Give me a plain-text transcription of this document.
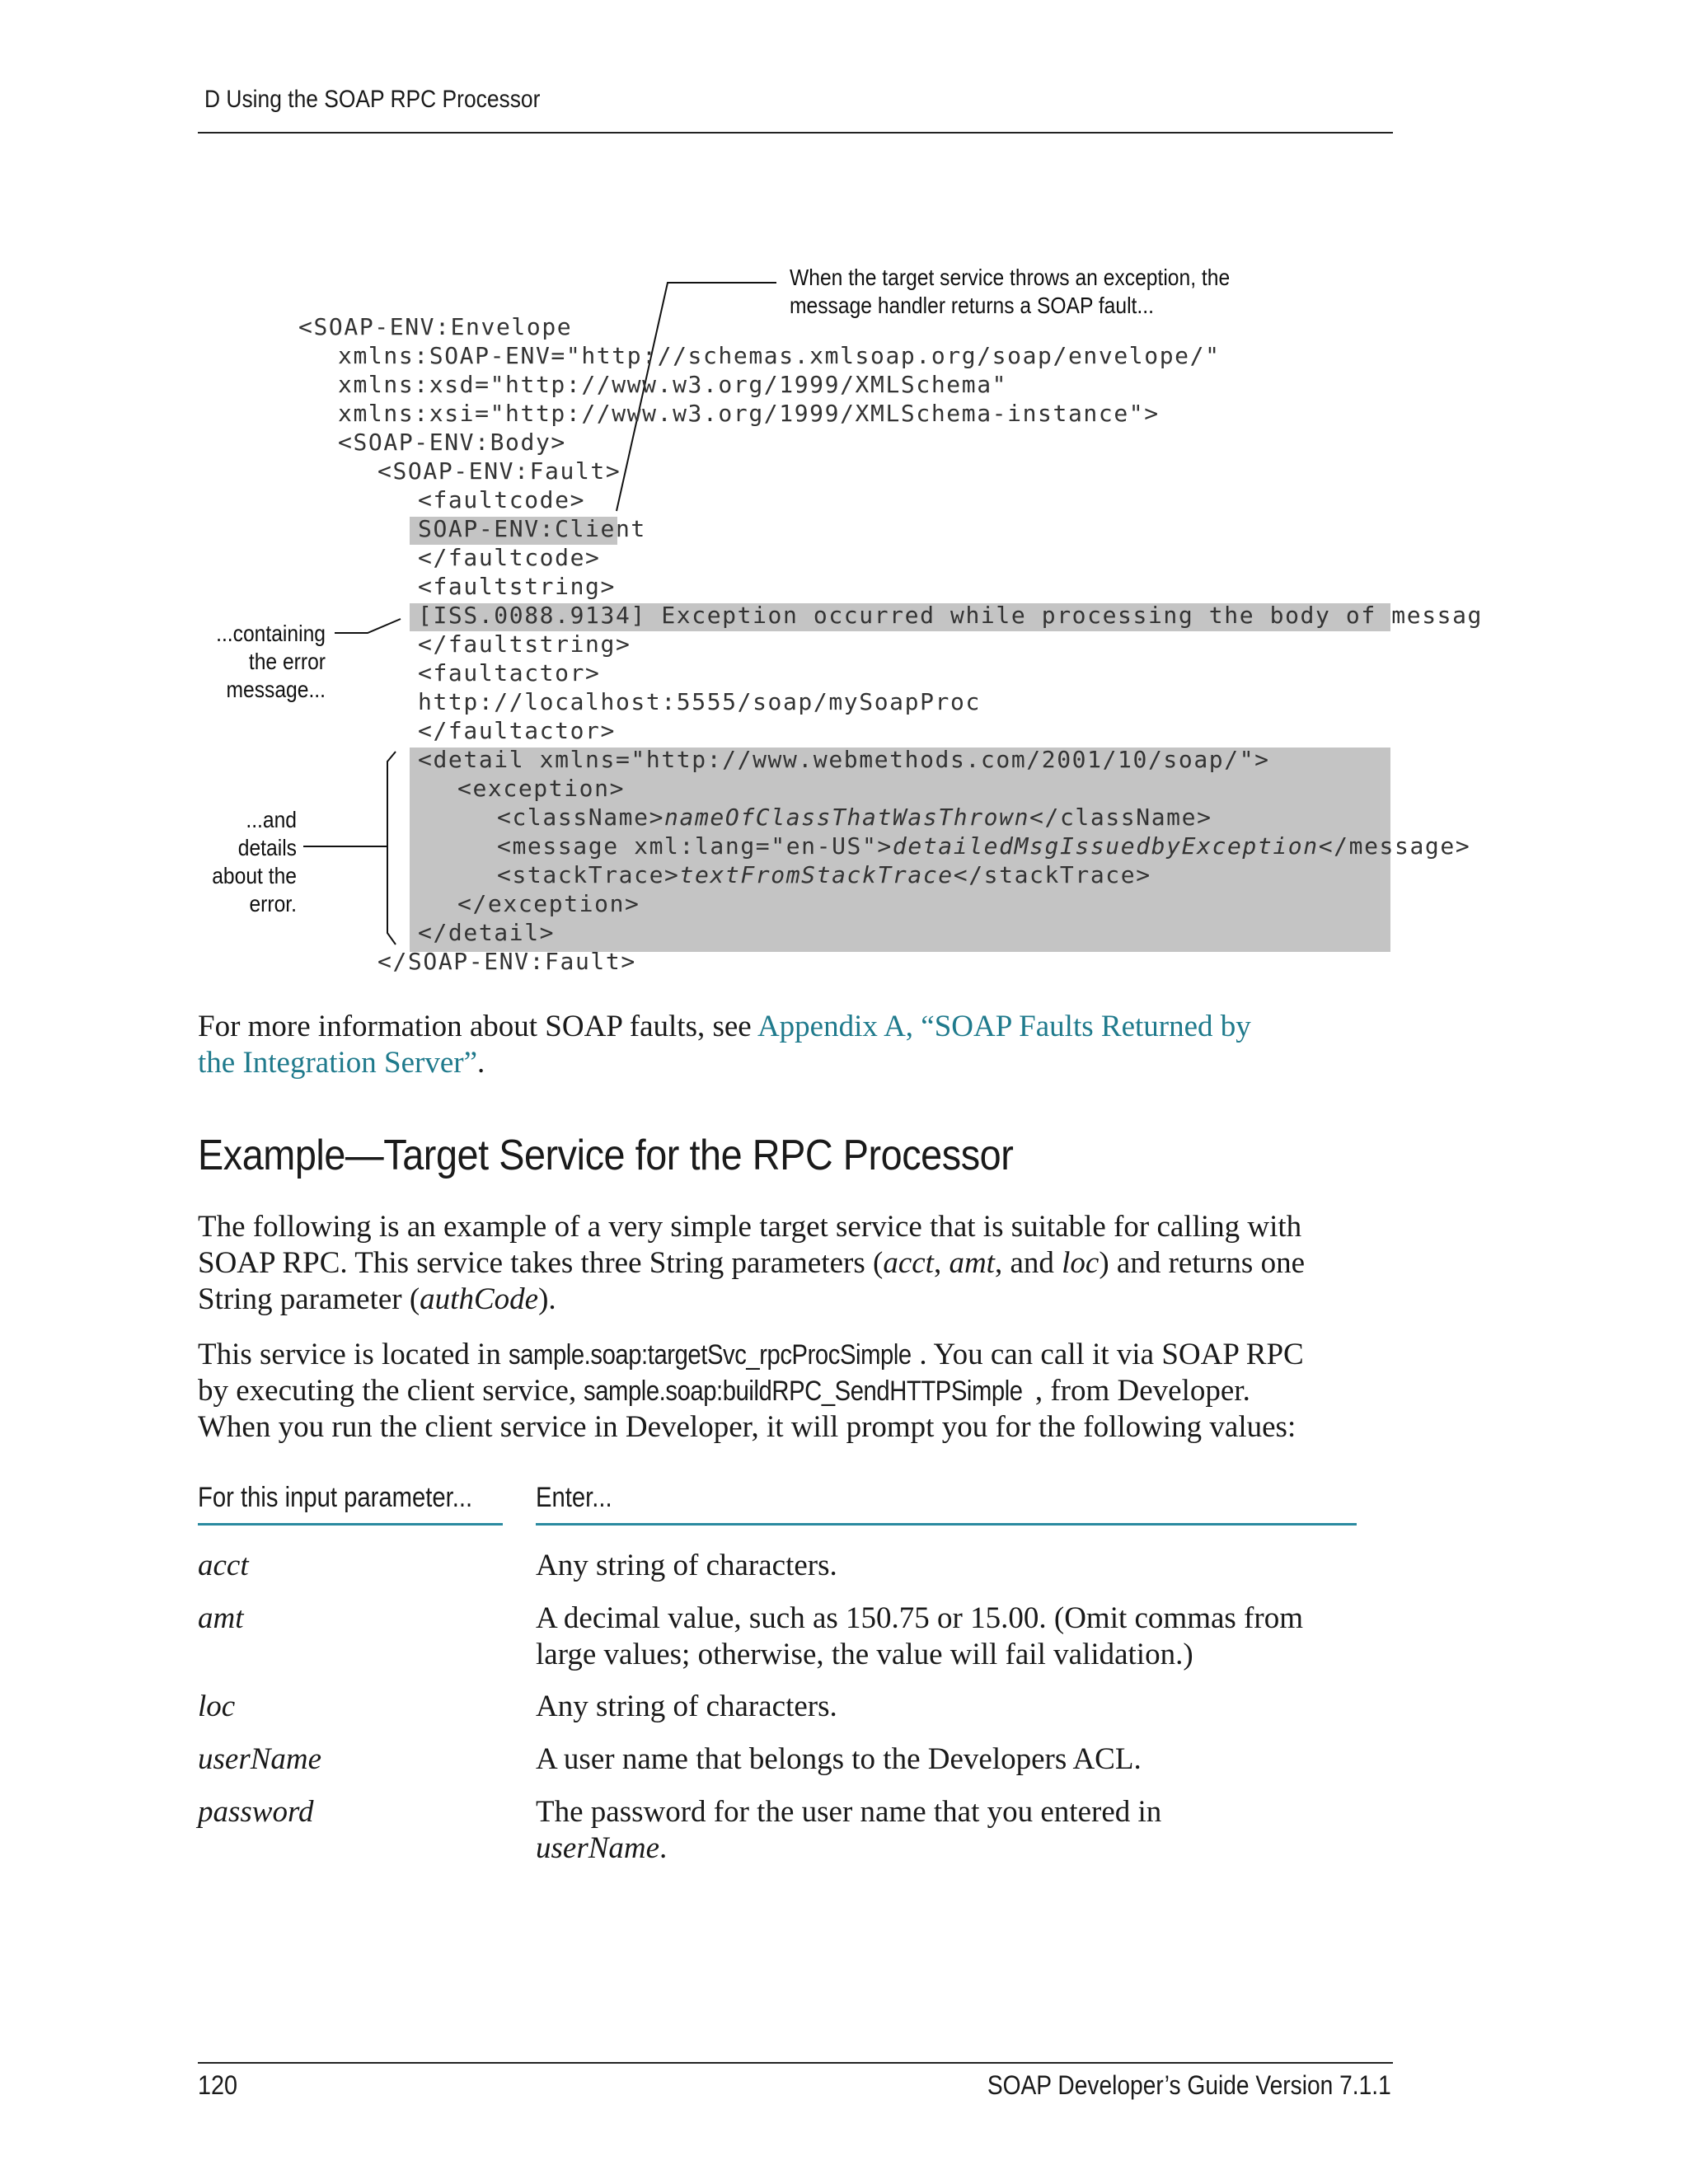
D Using the SOAP RPC Processor
<SOAP-ENV:Envelope
xmlns:SOAP-ENV="http://schemas.xmlsoap.org/soap/envelope/"
xmlns:xsd="http://www.w3.org/1999/XMLSchema"
xmlns:xsi="http://www.w3.org/1999/XMLSchema-instance">
<SOAP-ENV:Body>
<SOAP-ENV:Fault>
<faultcode>
SOAP-ENV:Client
</faultcode>
<faultstring>
[ISS.0088.9134] Exception occurred while processing the body of messag
</faultstring>
<faultactor>
http://localhost:5555/soap/mySoapProc
</faultactor>
<detail xmlns="http://www.webmethods.com/2001/10/soap/">
<exception>
<className>nameOfClassThatWasThrown</className>
<message xml:lang="en-US">detailedMsgIssuedbyException</message>
<stackTrace>textFromStackTrace</stackTrace>
</exception>
</detail>
</SOAP-ENV:Fault>
When the target service throws an exception, the
message handler returns a SOAP fault...
...containing
the error
message...
...and
details
about the
error.
For more information about SOAP faults, see Appendix A, “SOAP Faults Returned by
the Integration Server”.
Example—Target Service for the RPC Processor
The following is an example of a very simple target service that is suitable for calling with
SOAP RPC. This service takes three String parameters (acct, amt, and loc) and returns one
String parameter (authCode).
This service is located in sample.soap:targetSvc_rpcProcSimple . You can call it via SOAP RPC
by executing the client service, sample.soap:buildRPC_SendHTTPSimple , from Developer.
When you run the client service in Developer, it will prompt you for the following values:
For this input parameter... Enter...
acct	Any string of characters.
amt	A decimal value, such as 150.75 or 15.00. (Omit commas from
large values; otherwise, the value will fail validation.)
loc	Any string of characters.
userName	A user name that belongs to the Developers ACL.
password	The password for the user name that you entered in
userName.
120	SOAP Developer’s Guide Version 7.1.1
